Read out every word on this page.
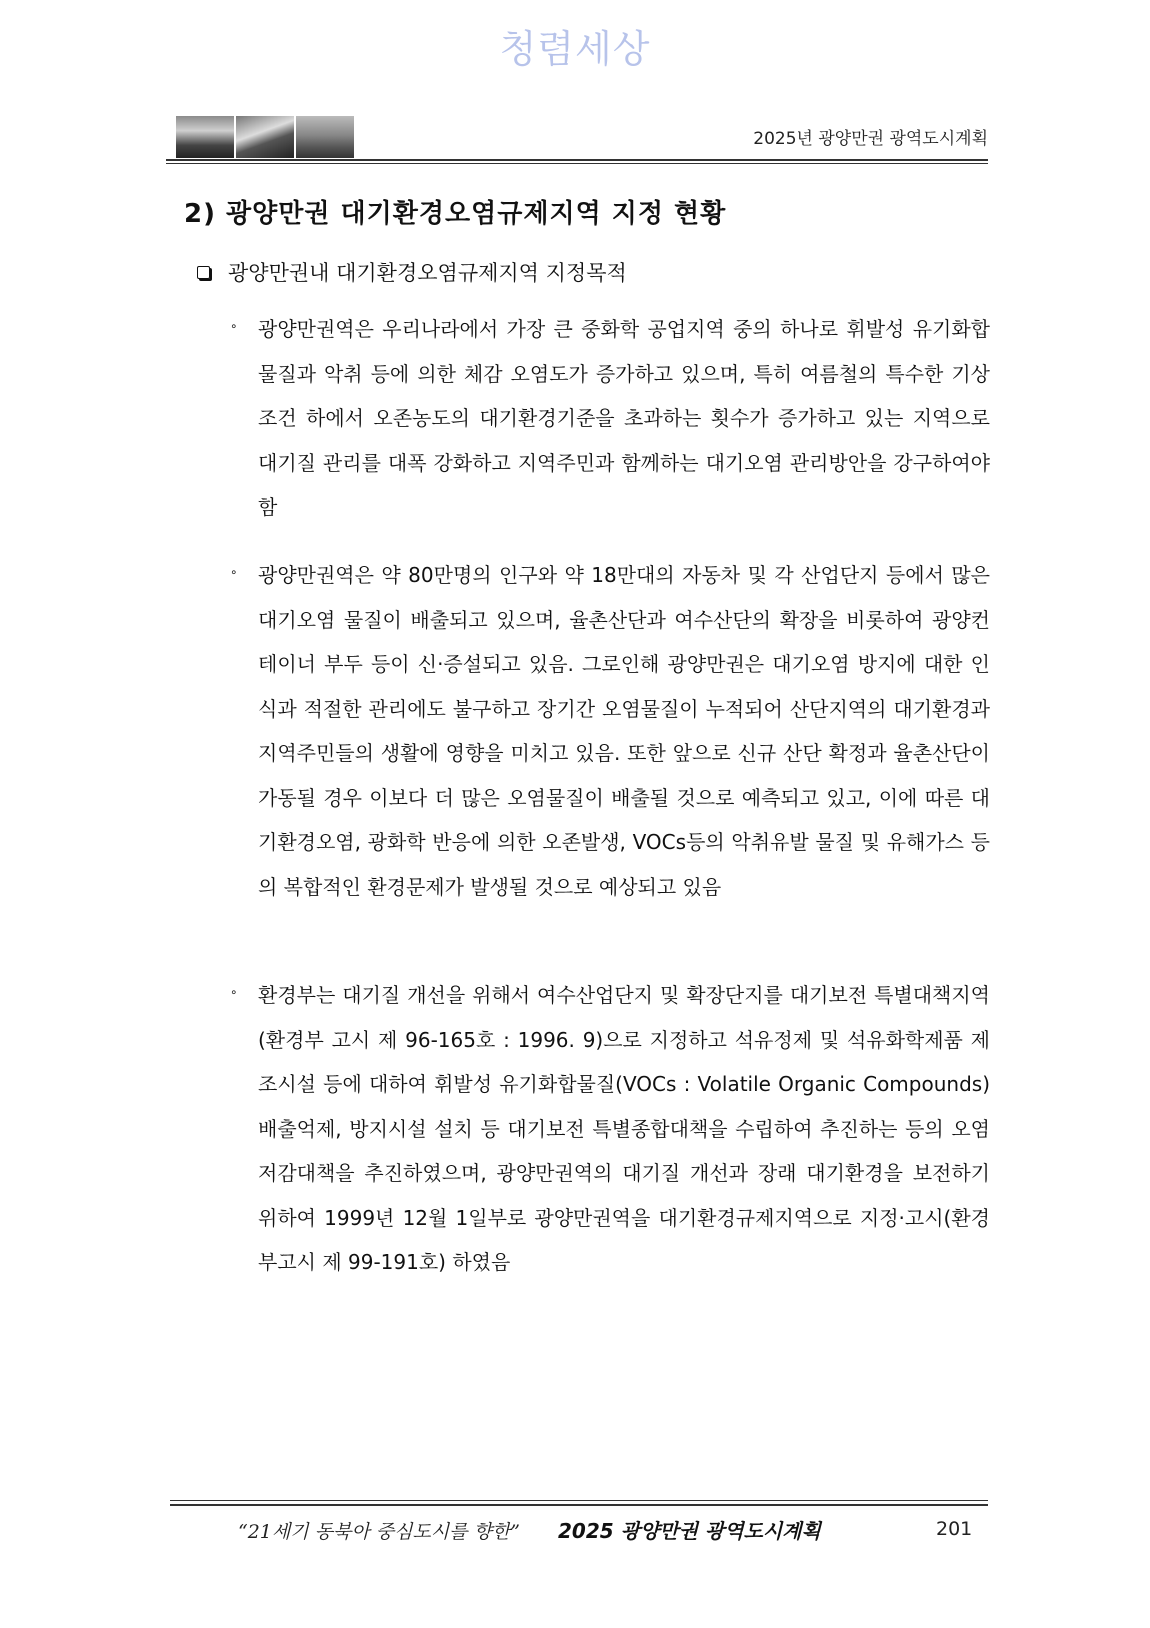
청렴세상
2025년 광양만권 광역도시계획
2) 광양만권 대기환경오염규제지역 지정 현황
광양만권내 대기환경오염규제지역 지정목적
∘ 광양만권역은 우리나라에서 가장 큰 중화학 공업지역 중의 하나로 휘발성 유기화합물질과 악취 등에 의한 체감 오염도가 증가하고 있으며, 특히 여름철의 특수한 기상조건 하에서 오존농도의 대기환경기준을 초과하는 횟수가 증가하고 있는 지역으로 대기질 관리를 대폭 강화하고 지역주민과 함께하는 대기오염 관리방안을 강구하여야 함
∘ 광양만권역은 약 80만명의 인구와 약 18만대의 자동차 및 각 산업단지 등에서 많은 대기오염 물질이 배출되고 있으며, 율촌산단과 여수산단의 확장을 비롯하여 광양컨테이너 부두 등이 신·증설되고 있음. 그로인해 광양만권은 대기오염 방지에 대한 인식과 적절한 관리에도 불구하고 장기간 오염물질이 누적되어 산단지역의 대기환경과 지역주민들의 생활에 영향을 미치고 있음. 또한 앞으로 신규 산단 확정과 율촌산단이 가동될 경우 이보다 더 많은 오염물질이 배출될 것으로 예측되고 있고, 이에 따른 대기환경오염, 광화학 반응에 의한 오존발생, VOCs등의 악취유발 물질 및 유해가스 등의 복합적인 환경문제가 발생될 것으로 예상되고 있음
∘ 환경부는 대기질 개선을 위해서 여수산업단지 및 확장단지를 대기보전 특별대책지역(환경부 고시 제 96-165호 : 1996. 9)으로 지정하고 석유정제 및 석유화학제품 제조시설 등에 대하여 휘발성 유기화합물질(VOCs : Volatile Organic Compounds) 배출억제, 방지시설 설치 등 대기보전 특별종합대책을 수립하여 추진하는 등의 오염저감대책을 추진하였으며, 광양만권역의 대기질 개선과 장래 대기환경을 보전하기 위하여 1999년 12월 1일부로 광양만권역을 대기환경규제지역으로 지정·고시(환경부고시 제 99-191호) 하였음
“21세기 동북아 중심도시를 향한” 2025 광양만권 광역도시계획	201
